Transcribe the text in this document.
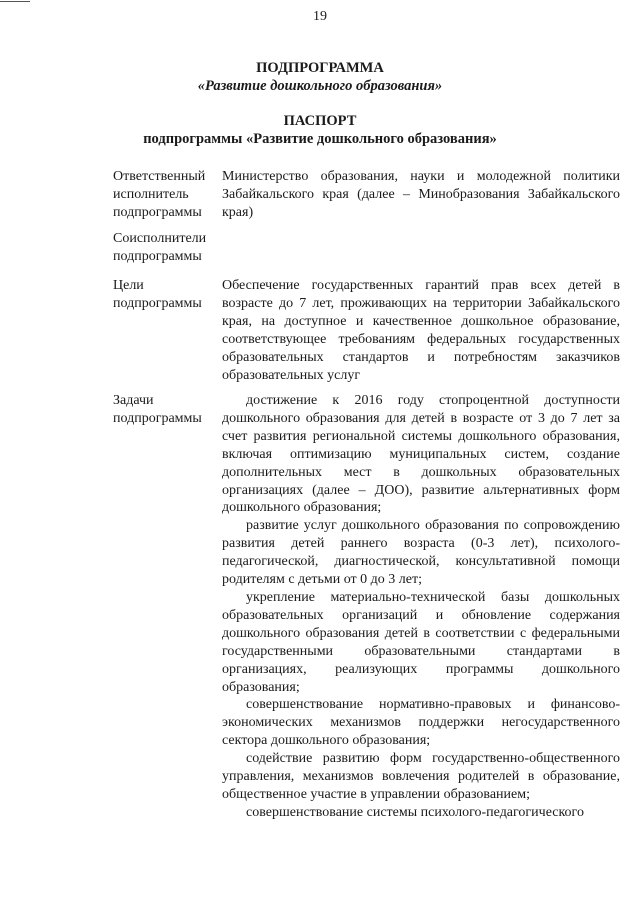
19
ПОДПРОГРАММА
«Развитие дошкольного образования»
ПАСПОРТ
подпрограммы «Развитие дошкольного образования»
Ответственный
исполнитель
подпрограммы

Министерство образования, науки и молодежной политики Забайкальского края (далее – Минобразования Забайкальского края)

Соисполнители
подпрограммы

Цели
подпрограммы

Обеспечение государственных гарантий прав всех детей в возрасте до 7 лет, проживающих на территории Забайкальского края, на доступное и качественное дошкольное образование, соответствующее требованиям федеральных государственных образовательных стандартов и потребностям заказчиков образовательных услуг

Задачи
подпрограммы

достижение к 2016 году стопроцентной доступности дошкольного образования для детей в возрасте от 3 до 7 лет за счет развития региональной системы дошкольного образования, включая оптимизацию муниципальных систем, создание дополнительных мест в дошкольных образовательных организациях (далее – ДОО), развитие альтернативных форм дошкольного образования;

развитие услуг дошкольного образования по сопровождению развития детей раннего возраста (0-3 лет), психолого-педагогической, диагностической, консультативной помощи родителям с детьми от 0 до 3 лет;

укрепление материально-технической базы дошкольных образовательных организаций и обновление содержания дошкольного образования детей в соответствии с федеральными государственными образовательными стандартами в организациях, реализующих программы дошкольного образования;

совершенствование нормативно-правовых и финансово-экономических механизмов поддержки негосударственного сектора дошкольного образования;

содействие развитию форм государственно-общественного управления, механизмов вовлечения родителей в образование, общественное участие в управлении образованием;

совершенствование системы психолого-педагогического
